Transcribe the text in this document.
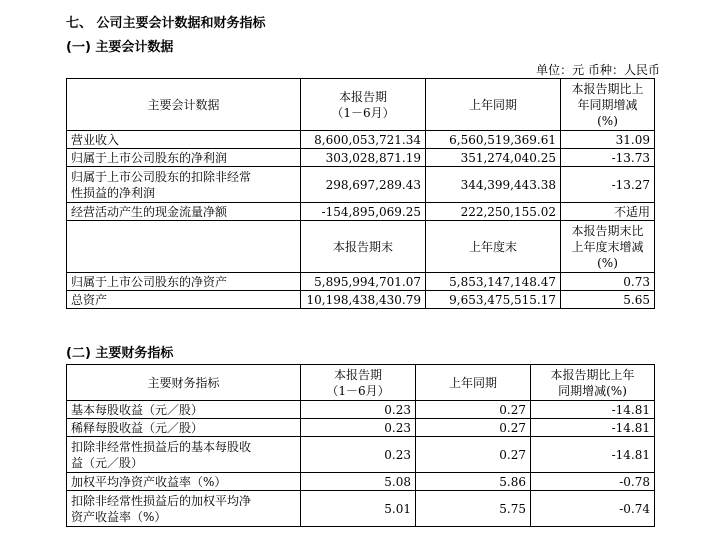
七、 公司主要会计数据和财务指标
(一) 主要会计数据
单位：元 币种：人民币
主要会计数据	本报告期
（1－6月）	上年同期	本报告期比上
年同期增减
(%)
营业收入	8,600,053,721.34	6,560,519,369.61	31.09
归属于上市公司股东的净利润	303,028,871.19	351,274,040.25	-13.73
归属于上市公司股东的扣除非经常
性损益的净利润	298,697,289.43	344,399,443.38	-13.27
经营活动产生的现金流量净额	-154,895,069.25	222,250,155.02	不适用
	本报告期末	上年度末	本报告期末比
上年度末增减
(%)
归属于上市公司股东的净资产	5,895,994,701.07	5,853,147,148.47	0.73
总资产	10,198,438,430.79	9,653,475,515.17	5.65
(二) 主要财务指标
主要财务指标	本报告期
（1－6月）	上年同期	本报告期比上年
同期增减(%)
基本每股收益（元／股）	0.23	0.27	-14.81
稀释每股收益（元／股）	0.23	0.27	-14.81
扣除非经常性损益后的基本每股收
益（元／股）	0.23	0.27	-14.81
加权平均净资产收益率（%）	5.08	5.86	-0.78
扣除非经常性损益后的加权平均净
资产收益率（%）	5.01	5.75	-0.74
